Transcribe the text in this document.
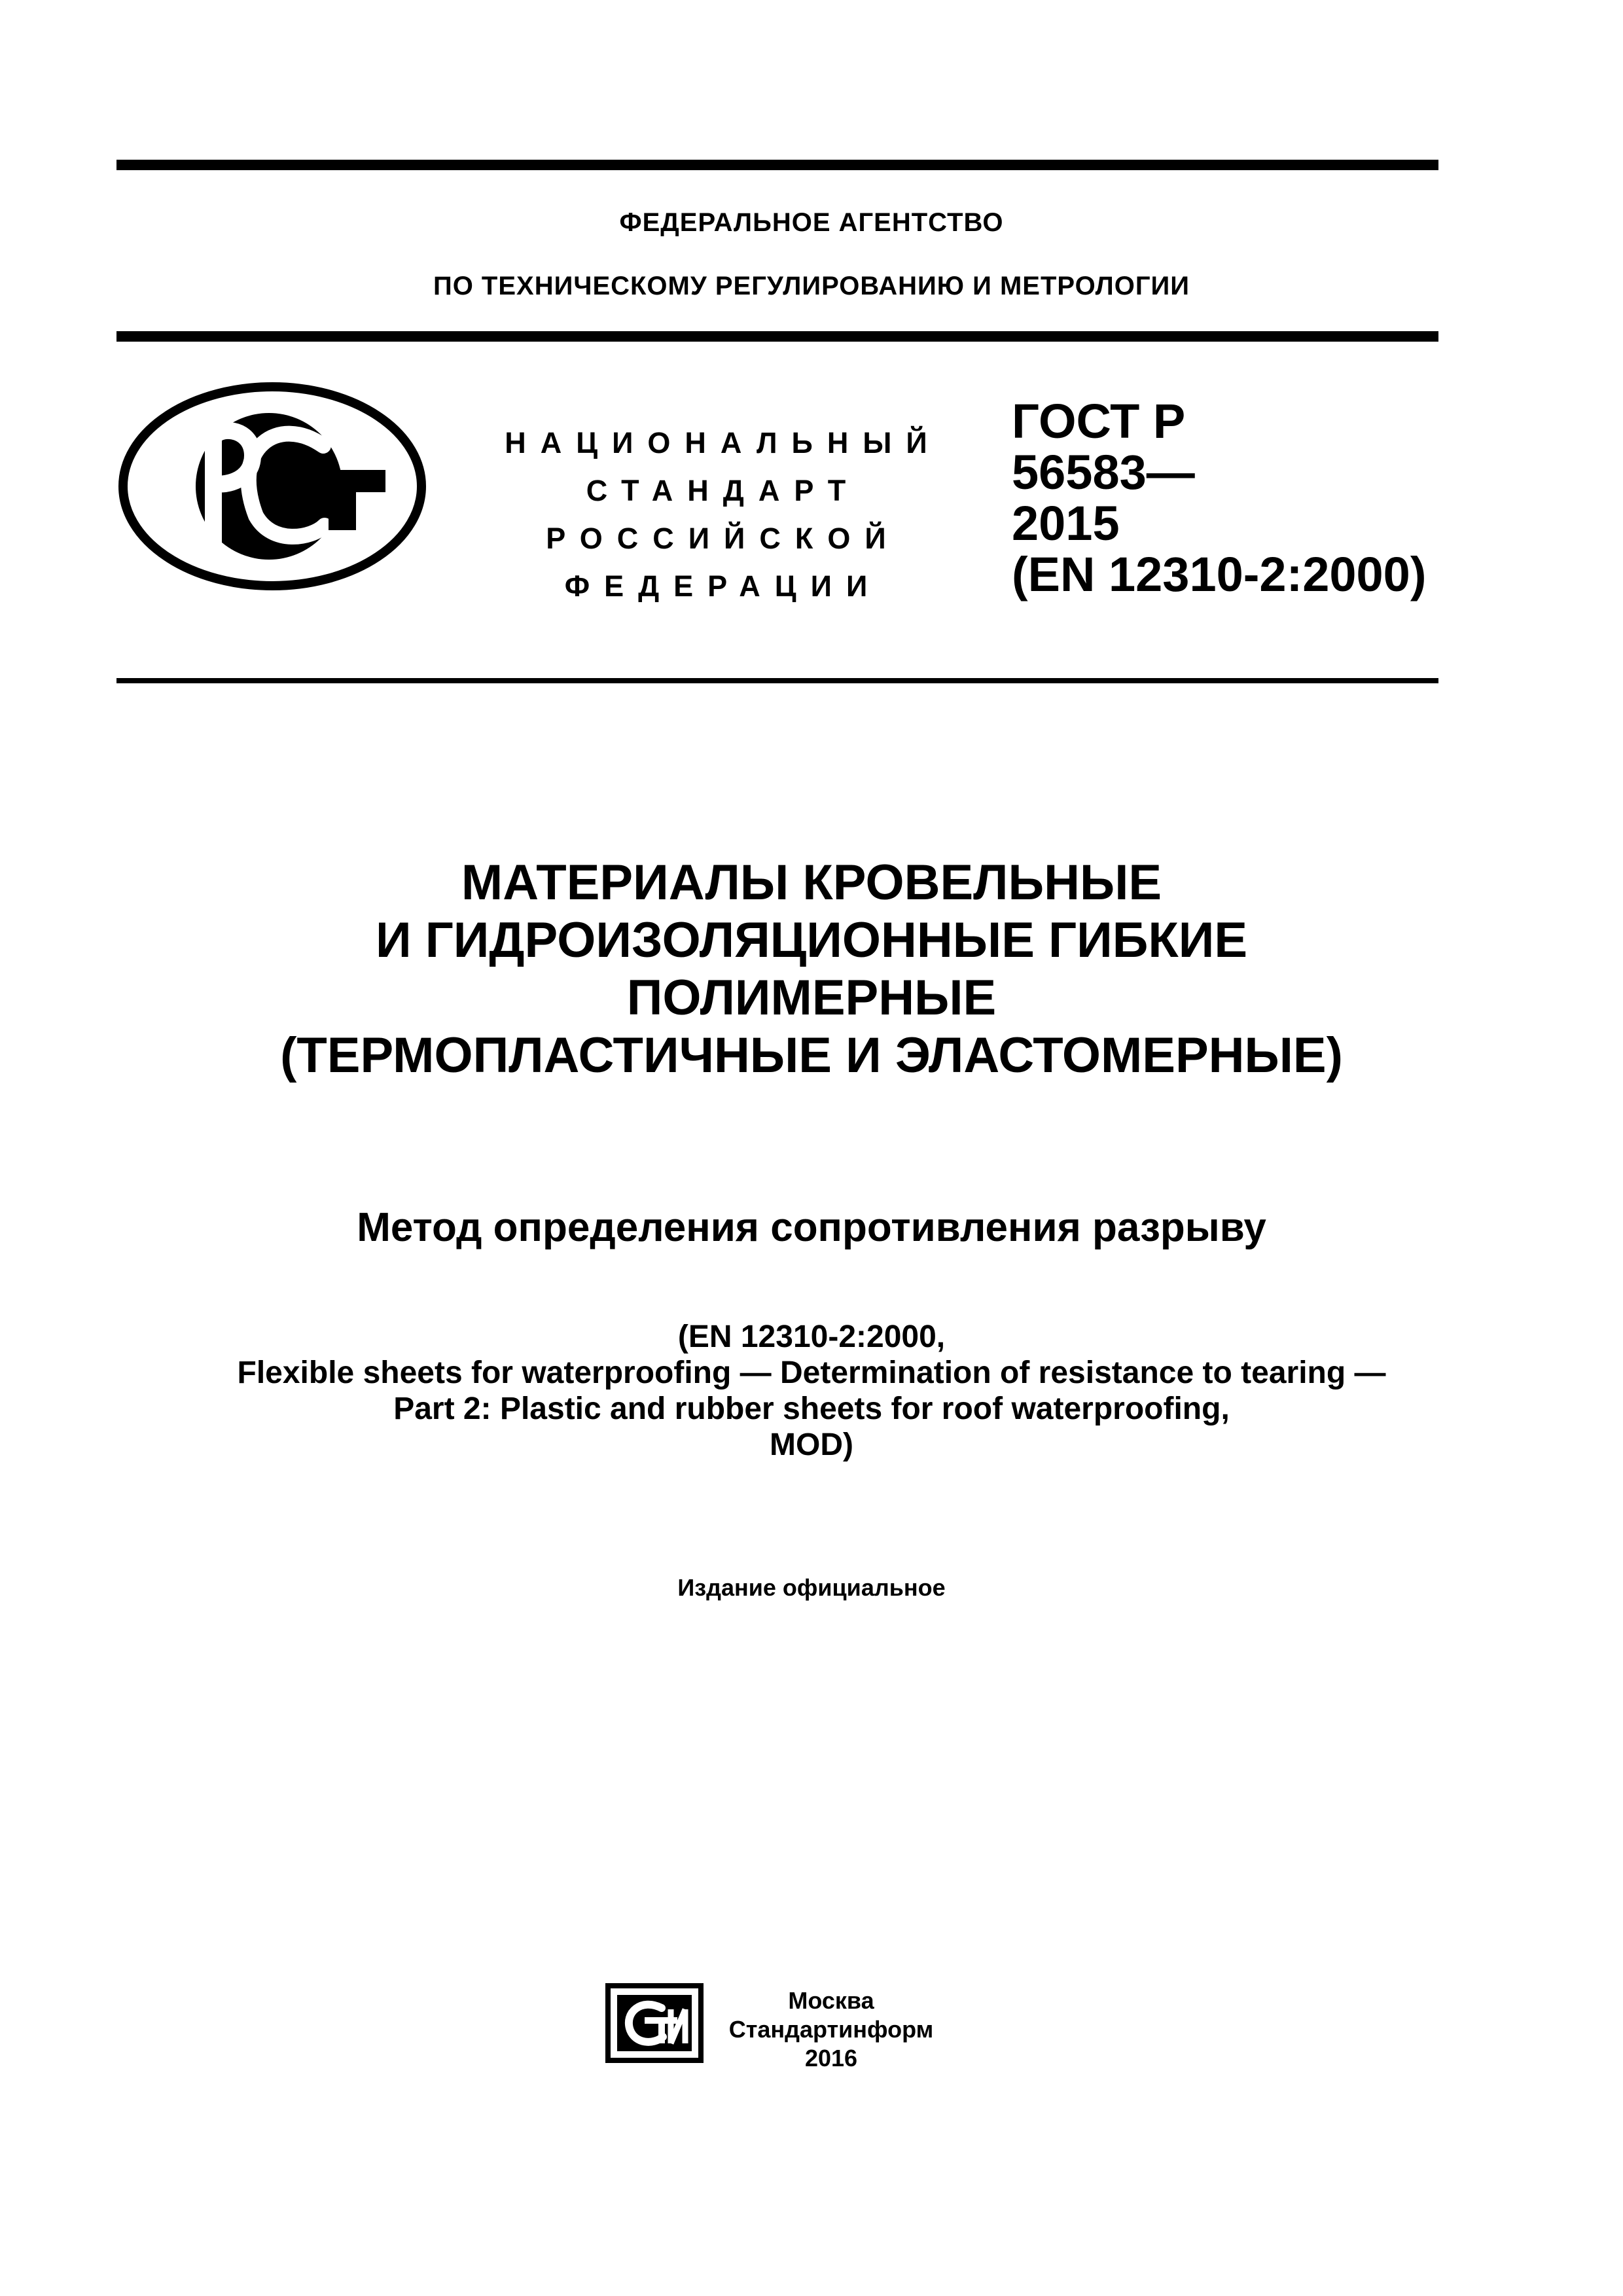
ФЕДЕРАЛЬНОЕ АГЕНТСТВО
ПО ТЕХНИЧЕСКОМУ РЕГУЛИРОВАНИЮ И МЕТРОЛОГИИ
НАЦИОНАЛЬНЫЙ
СТАНДАРТ
РОССИЙСКОЙ
ФЕДЕРАЦИИ
ГОСТ Р
56583—
2015
(EN 12310-2:2000)
МАТЕРИАЛЫ КРОВЕЛЬНЫЕ
И ГИДРОИЗОЛЯЦИОННЫЕ ГИБКИЕ
ПОЛИМЕРНЫЕ
(ТЕРМОПЛАСТИЧНЫЕ И ЭЛАСТОМЕРНЫЕ)
Метод определения сопротивления разрыву
(EN 12310-2:2000,
Flexible sheets for waterproofing — Determination of resistance to tearing —
Part 2: Plastic and rubber sheets for roof waterproofing,
MOD)
Издание официальное
Москва
Стандартинформ
2016
